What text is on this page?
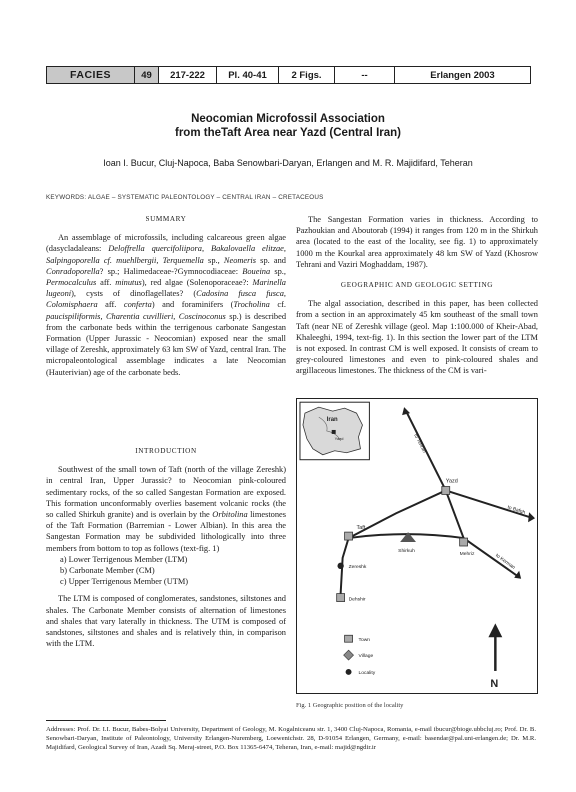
FACIES	49	217-222	Pl. 40-41	2 Figs.	--	Erlangen 2003
Neocomian Microfossil Association
from theTaft Area near Yazd (Central Iran)
Ioan I. Bucur, Cluj-Napoca, Baba Senowbari-Daryan, Erlangen and M. R. Majidifard, Teheran
KEYWORDS: ALGAE – SYSTEMATIC PALEONTOLOGY – CENTRAL IRAN – CRETACEOUS
SUMMARY
An assemblage of microfossils, including calcareous green algae (dasycladaleans: Deloffrella quercifoliipora, Bakalovaella elitzae, Salpingoporella cf. muehlbergii, Terquemella sp., Neomeris sp. and Conradoporella? sp.; Halimedaceae-?Gymnocodiaceae: Boueina sp., Permocalculus aff. minutus), red algae (Solenoporaceae?: Marinella lugeoni), cysts of dinoflagellates? (Cadosina fusca fusca, Colomisphaera aff. conferta) and foraminifers (Trocholina cf. paucispiliformis, Charentia cuvillieri, Coscinoconus sp.) is described from the carbonate beds within the terrigenous carbonate Sangestan Formation (Upper Jurassic - Neocomian) exposed near the small village of Zereshk, approximately 63 km SW of Yazd, central Iran. The micropaleontological assemblage indicates a late Neocomian (Hauterivian) age of the carbonate beds.
INTRODUCTION
Southwest of the small town of Taft (north of the village Zereshk) in central Iran, Upper Jurassic? to Neocomian pink-coloured sedimentary rocks, of the so called Sangestan Formation are exposed. This formation unconformably overlies basement volcanic rocks (the so called Shirkuh granite) and is overlain by the Orbitolina limestones of the Taft Formation (Barremian - Lower Albian). In this area the Sangestan Formation may be subdivided lithologically into three members from bottom to top as follows (text-fig. 1)
a) Lower Terrigenous Member (LTM)
b) Carbonate Member (CM)
c) Upper Terrigenous Member (UTM)
The LTM is composed of conglomerates, sandstones, siltstones and shales. The Carbonate Member consists of alternation of limestones and shales that vary laterally in thickness. The UTM is composed of sandstones, siltstones and shales and is relatively thin, in comparison with the LTM.
The Sangestan Formation varies in thickness. According to Pazhoukian and Aboutorab (1994) it ranges from 120 m in the Shirkuh area (located to the east of the locality, see fig. 1) to approximately 1000 m the Kourkal area approximately 48 km SW of Yazd (Khosrow Tehrani and Vaziri Moghaddam, 1987).
GEOGRAPHIC AND GEOLOGIC SETTING
The algal association, described in this paper, has been collected from a section in an approximately 45 km southeast of the small town Taft (near NE of Zereshk village (geol. Map 1:100.000 of Kheir-Abad, Khaleeghi, 1994, text-fig. 1). In this section the lower part of the LTM is not exposed. In contrast CM is well exposed. It consists of cream to grey-coloured limestones and even to pink-coloured shales and argillaceous limestones. The thickness of the CM is vari-
Iran
Yazd	to Tehran
to Bafgh
to Kerman
Yazd
Taft
Mehriz
Dehshir
Shirkuh
Zereshk
Town
Village
Locality
N
Fig. 1 Geographic position of the locality
Addresses: Prof. Dr. I.I. Bucur, Babes-Bolyai University, Department of Geology, M. Kogalniceanu str. 1, 3400 Cluj-Napoca, Romania, e-mail ibucur@bioge.ubbcluj.ro; Prof. Dr. B. Senowbari-Daryan, Institute of Paleontology, University Erlangen-Nuremberg, Loewenichstr. 28, D-91054 Erlangen, Germany, e-mail: basendar@pal.uni-erlangen.de; Dr. M.R. Majidifard, Geological Survey of Iran, Azadi Sq. Meraj-street, P.O. Box 11365-6474, Teheran, Iran, e-mail: majid@ngdir.ir
